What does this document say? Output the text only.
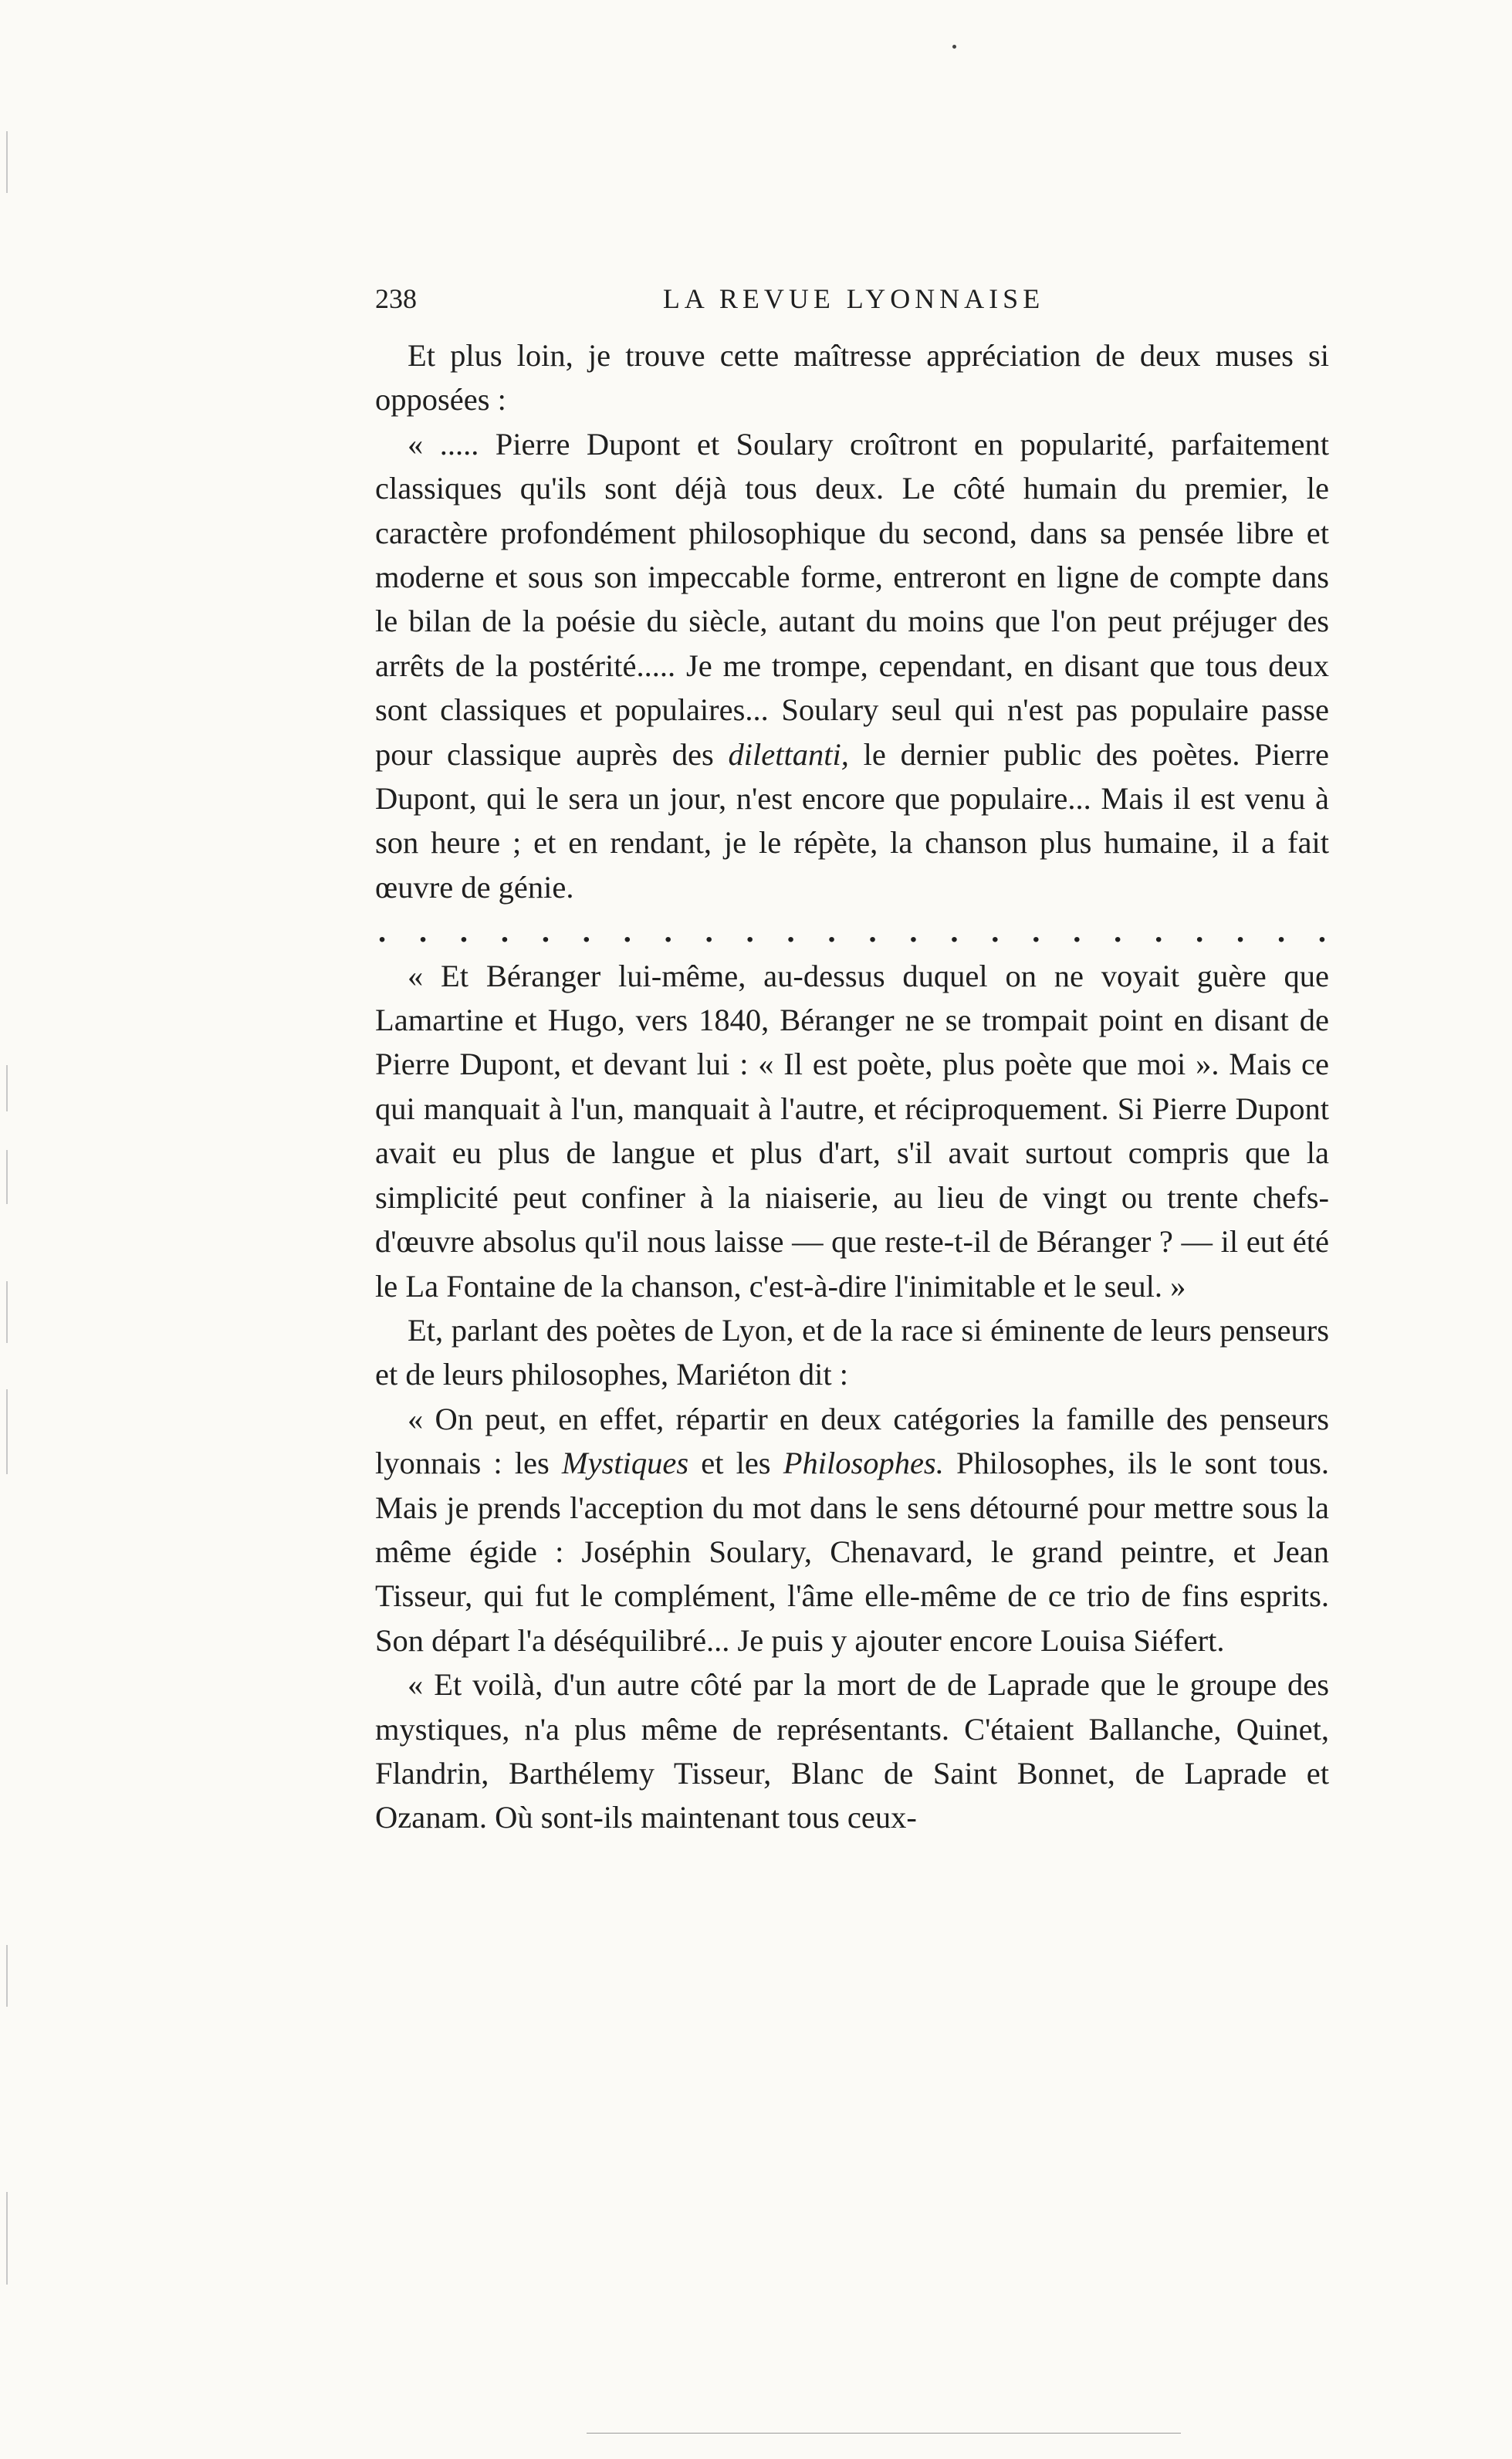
238	LA REVUE LYONNAISE

Et plus loin, je trouve cette maîtresse appréciation de deux muses si opposées :

« ..... Pierre Dupont et Soulary croîtront en popularité, parfaitement classiques qu'ils sont déjà tous deux. Le côté humain du premier, le caractère profondément philosophique du second, dans sa pensée libre et moderne et sous son impeccable forme, entreront en ligne de compte dans le bilan de la poésie du siècle, autant du moins que l'on peut préjuger des arrêts de la postérité..... Je me trompe, cependant, en disant que tous deux sont classiques et populaires... Soulary seul qui n'est pas populaire passe pour classique auprès des dilettanti, le dernier public des poètes. Pierre Dupont, qui le sera un jour, n'est encore que populaire... Mais il est venu à son heure ; et en rendant, je le répète, la chanson plus humaine, il a fait œuvre de génie.

. . . . . . . . . . . . . . . . . . . . . . . .

« Et Béranger lui-même, au-dessus duquel on ne voyait guère que Lamartine et Hugo, vers 1840, Béranger ne se trompait point en disant de Pierre Dupont, et devant lui : « Il est poète, plus poète que moi ». Mais ce qui manquait à l'un, manquait à l'autre, et réciproquement. Si Pierre Dupont avait eu plus de langue et plus d'art, s'il avait surtout compris que la simplicité peut confiner à la niaiserie, au lieu de vingt ou trente chefs-d'œuvre absolus qu'il nous laisse — que reste-t-il de Béranger ? — il eut été le La Fontaine de la chanson, c'est-à-dire l'inimitable et le seul. »

Et, parlant des poètes de Lyon, et de la race si éminente de leurs penseurs et de leurs philosophes, Mariéton dit :

« On peut, en effet, répartir en deux catégories la famille des penseurs lyonnais : les Mystiques et les Philosophes. Philosophes, ils le sont tous. Mais je prends l'acception du mot dans le sens détourné pour mettre sous la même égide : Joséphin Soulary, Chenavard, le grand peintre, et Jean Tisseur, qui fut le complément, l'âme elle-même de ce trio de fins esprits. Son départ l'a déséquilibré... Je puis y ajouter encore Louisa Siéfert.

« Et voilà, d'un autre côté par la mort de de Laprade que le groupe des mystiques, n'a plus même de représentants. C'étaient Ballanche, Quinet, Flandrin, Barthélemy Tisseur, Blanc de Saint Bonnet, de Laprade et Ozanam. Où sont-ils maintenant tous ceux-
